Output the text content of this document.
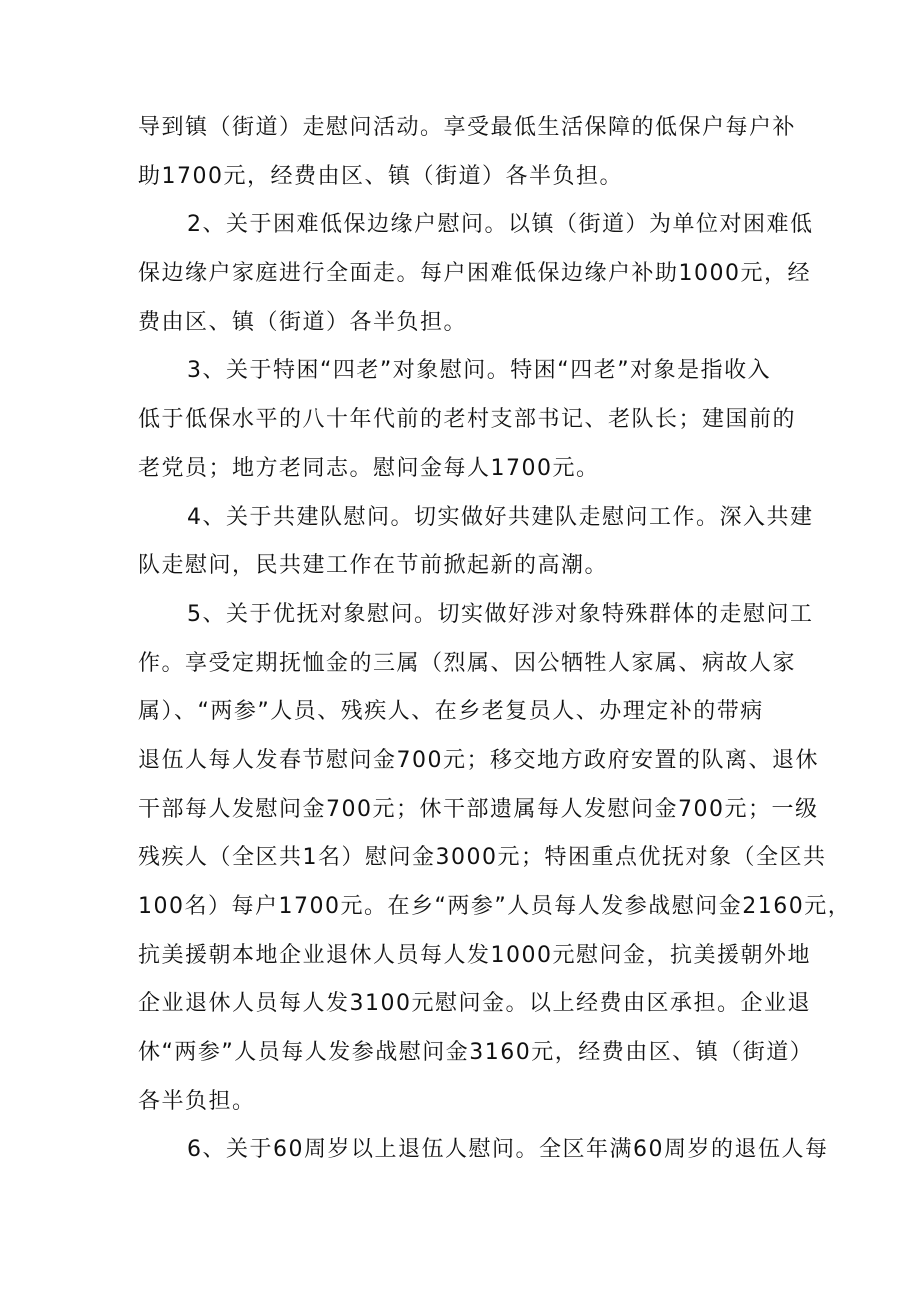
导到镇（街道）走慰问活动。享受最低生活保障的低保户每户补
助1700元，经费由区、镇（街道）各半负担。
2、关于困难低保边缘户慰问。以镇（街道）为单位对困难低
保边缘户家庭进行全面走。每户困难低保边缘户补助1000元，经
费由区、镇（街道）各半负担。
3、关于特困“四老”对象慰问。特困“四老”对象是指收入
低于低保水平的八十年代前的老村支部书记、老队长；建国前的
老党员；地方老同志。慰问金每人1700元。
4、关于共建队慰问。切实做好共建队走慰问工作。深入共建
队走慰问，民共建工作在节前掀起新的高潮。
5、关于优抚对象慰问。切实做好涉对象特殊群体的走慰问工
作。享受定期抚恤金的三属（烈属、因公牺牲人家属、病故人家
属）、“两参”人员、残疾人、在乡老复员人、办理定补的带病
退伍人每人发春节慰问金700元；移交地方政府安置的队离、退休
干部每人发慰问金700元；休干部遗属每人发慰问金700元；一级
残疾人（全区共1名）慰问金3000元；特困重点优抚对象（全区共
100名）每户1700元。在乡“两参”人员每人发参战慰问金2160元，
抗美援朝本地企业退休人员每人发1000元慰问金，抗美援朝外地
企业退休人员每人发3100元慰问金。以上经费由区承担。企业退
休“两参”人员每人发参战慰问金3160元，经费由区、镇（街道）
各半负担。
6、关于60周岁以上退伍人慰问。全区年满60周岁的退伍人每
